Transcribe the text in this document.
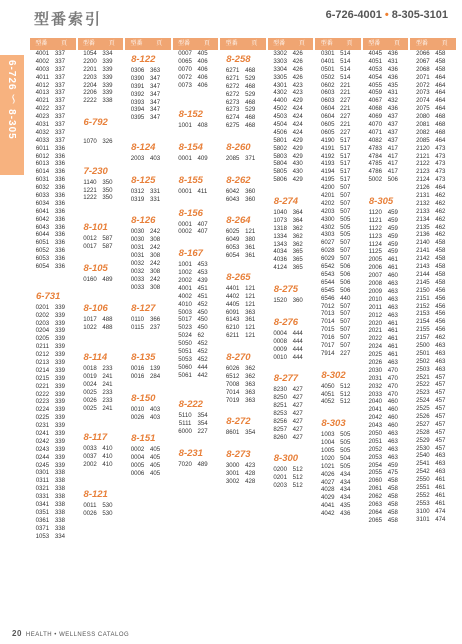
型番索引	6-726-4001 • 8-305-3101
6-726 〜 8-305
型番	頁
4001 337
4002 337
4003 337
4011 337
4012 337
4013 337
4021 337
4022 337
4023 337
4031 337
4032 337
4033 337
6011 336
6012 336
6013 336
6014 336
6031 336
6032 336
6033 336
6034 336
6041 336
6042 336
6043 336
6044 336
6051 336
6052 336
6053 336
6054 336
6-731
0201 339
0202 339
0203 339
0204 339
0205 339
0211 339
0212 339
0213 339
0214 339
0215 339
0221 339
0222 339
0223 339
0224 339
0225 339
0231 339
0241 339
0242 339
0243 339
0244 339
0245 339
0301 338
0311 338
0321 338
0331 338
0341 338
0351 338
0361 338
0371 338
1053 334
型番	頁
1054 334
2200 339
2201 339
2203 339
2204 339
2206 339
2222 338
6-792
1070 326
7-230
1140 350
1221 350
1222 350
8-101
0012 587
0017 587
8-105
0160 489
8-106
1017 488
1022 488
8-114
0018 233
0019 241
0024 241
0025 233
0026 233
0025 241
8-117
0033 410
0037 410
2002 410
8-121
0011 530
0026 530
型番	頁
8-122
0306 363
0390 347
0391 347
0392 347
0393 347
0394 347
0395 347
8-124
2003 403
8-125
0312 331
0319 331
8-126
0030 242
0030 308
0031 242
0031 308
0032 242
0032 308
0033 242
0033 308
8-127
0110 366
0115 237
8-135
0016 139
0016 284
8-150
0010 403
0026 403
8-151
0002 405
0004 405
0005 405
0006 405
型番	頁
0007 405
0065 406
0070 406
0072 406
0073 406
8-152
1001 408
8-154
0001 409
8-155
0001 411
8-156
0001 407
0002 407
8-167
1001 453
1002 453
2002 439
4001 451
4002 451
4010 452
5003 450
5017 450
5023 450
5024 62
5050 452
5051 452
5053 452
5060 444
5061 442
8-222
5110 354
5111 354
6000 227
8-231
7020 489
型番	頁
8-258
6271 468
6271 529
6272 468
6272 529
6273 468
6273 529
6274 468
6275 468
8-260
2085 371
8-262
6042 360
6043 360
8-264
6025 121
6049 380
6053 361
6054 361
8-265
4401 121
4402 121
4405 121
6091 363
6143 361
6210 121
6211 121
8-270
6026 362
6512 362
7008 363
7014 363
7019 363
8-272
8601 354
8-273
3000 423
3001 428
3002 428
型番	頁
3302 426
3303 426
3304 426
3305 426
4301 423
4302 423
4400 429
4502 424
4503 424
4504 424
4506 424
5801 429
5802 429
5803 429
5804 430
5805 430
5806 429
8-274
1040 364
1073 364
1318 362
1334 362
1343 362
4034 365
4036 365
4124 365
8-275
1520 360
8-276
0004 444
0008 444
0009 444
0010 444
8-277
8230 427
8250 427
8251 427
8253 427
8256 427
8257 427
8260 427
8-300
0200 512
0201 512
0203 512
型番	頁
0301 514
0401 514
0501 514
0502 514
0602 221
0603 221
0603 227
0604 221
0604 227
0605 221
0605 227
4190 517
4191 517
4192 517
4193 517
4194 517
4195 517
4200 507
4201 507
4202 507
4203 507
4300 505
4302 505
4303 505
6027 507
6028 507
6029 507
6542 506
6543 506
6544 506
6545 506
6546 440
7012 507
7013 507
7014 507
7015 507
7016 507
7017 507
7914 227
8-302
4050 512
4051 512
4052 512
8-303
1003 505
1004 505
1005 505
1020 504
1021 505
4026 434
4027 434
4028 434
4029 434
4041 435
4042 436
型番	頁
4045 436
4051 431
4053 436
4054 436
4055 435
4059 431
4067 432
4068 436
4069 437
4070 437
4071 437
4082 437
4783 417
4784 417
4785 417
4786 417
5002 506
8-305
1120 459
1121 459
1122 459
1123 459
1124 459
1125 459
2005 461
2006 461
2007 460
2008 463
2009 463
2010 463
2011 463
2012 463
2020 461
2021 461
2022 461
2024 461
2025 461
2026 463
2030 470
2031 470
2032 470
2033 470
2040 460
2041 460
2042 460
2043 460
2050 463
2051 463
2052 463
2053 463
2054 459
2055 475
2060 458
2061 458
2062 458
2063 458
2064 458
2065 458
型番	頁
2066 458
2067 458
2068 458
2071 464
2072 464
2073 464
2074 464
2075 464
2080 468
2081 468
2082 468
2085 464
2120 473
2121 473
2122 473
2123 473
2124 473
2126 464
2131 462
2132 462
2133 462
2134 462
2135 462
2136 462
2140 458
2141 458
2142 458
2143 458
2144 458
2145 458
2150 456
2151 456
2152 456
2153 456
2154 456
2155 456
2157 462
2500 463
2501 463
2502 463
2503 463
2521 457
2522 457
2523 457
2524 457
2525 457
2526 457
2527 457
2528 457
2529 457
2530 457
2540 463
2541 463
2542 463
2550 461
2551 461
2552 461
2553 461
3100 474
3101 474
20 HEALTH • WELLNESS CATALOG
